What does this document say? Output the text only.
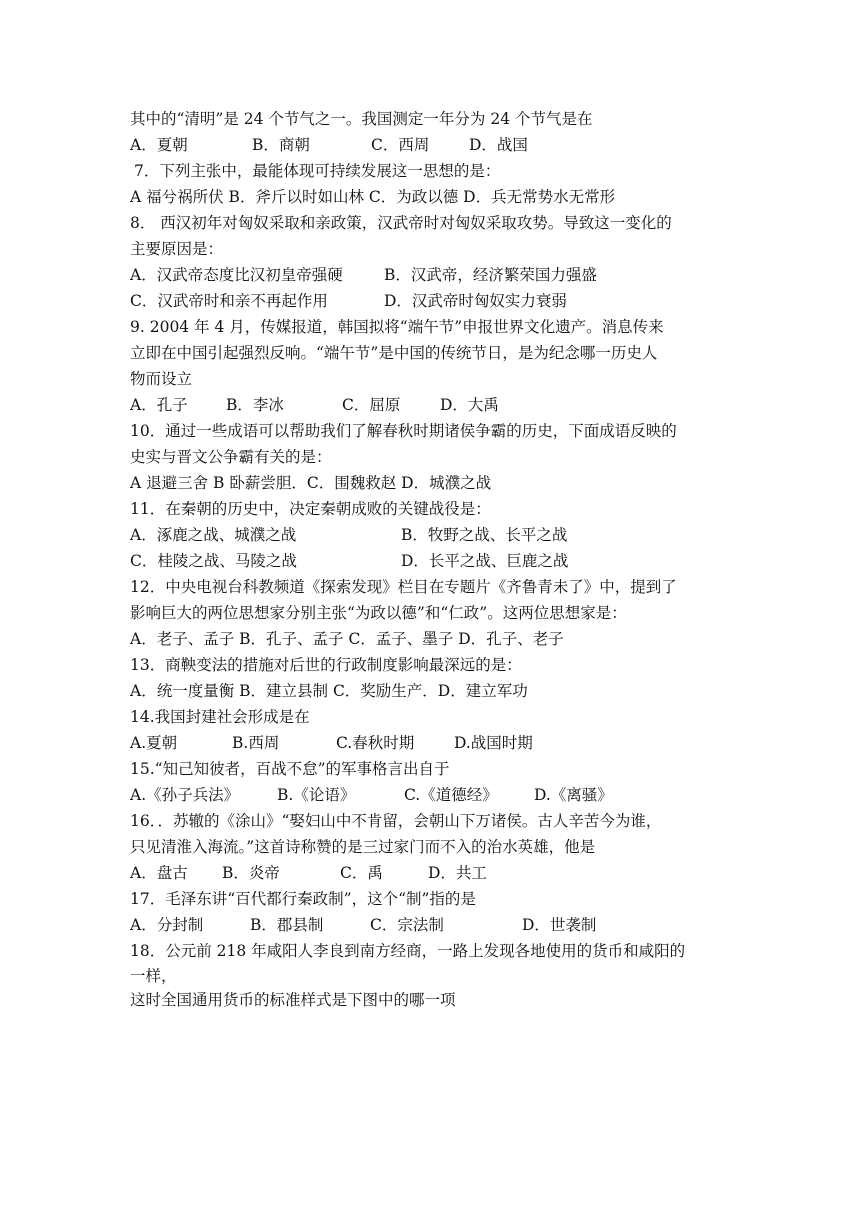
其中的“清明”是 24 个节气之一。我国测定一年分为 24 个节气是在
A．夏朝	B．商朝	C．西周	D．战国
7．下列主张中，最能体现可持续发展这一思想的是：
A 福兮祸所伏 B．斧斤以时如山林 C．为政以德 D．兵无常势水无常形
8． 西汉初年对匈奴采取和亲政策，汉武帝时对匈奴采取攻势。导致这一变化的
主要原因是：
A．汉武帝态度比汉初皇帝强硬	B．汉武帝，经济繁荣国力强盛
C．汉武帝时和亲不再起作用	D．汉武帝时匈奴实力衰弱
9. 2004 年 4 月，传媒报道，韩国拟将“端午节”申报世界文化遗产。消息传来
立即在中国引起强烈反响。“端午节”是中国的传统节日，是为纪念哪一历史人
物而设立
A．孔子	B．李冰	C．屈原	D．大禹
10．通过一些成语可以帮助我们了解春秋时期诸侯争霸的历史，下面成语反映的
史实与晋文公争霸有关的是：
A 退避三舍 B 卧薪尝胆．C．围魏救赵 D．城濮之战
11．在秦朝的历史中，决定秦朝成败的关键战役是：
A．涿鹿之战、城濮之战	B．牧野之战、长平之战
C．桂陵之战、马陵之战	D．长平之战、巨鹿之战
12．中央电视台科教频道《探索发现》栏目在专题片《齐鲁青未了》中，提到了
影响巨大的两位思想家分别主张“为政以德”和“仁政”。这两位思想家是：
A．老子、孟子 B．孔子、孟子 C．孟子、墨子 D．孔子、老子
13．商鞅变法的措施对后世的行政制度影响最深远的是：
A．统一度量衡 B．建立县制 C．奖励生产．D．建立军功
14.我国封建社会形成是在
A.夏朝	B.西周	C.春秋时期	D.战国时期
15.“知己知彼者，百战不怠”的军事格言出自于
A.《孙子兵法》	B.《论语》	C.《道德经》	D.《离骚》
16．．苏辙的《涂山》“娶妇山中不肯留，会朝山下万诸侯。古人辛苦今为谁，
只见清淮入海流。”这首诗称赞的是三过家门而不入的治水英雄，他是
A．盘古	B．炎帝	C．禹	D．共工
17．毛泽东讲“百代都行秦政制”，这个“制”指的是
A．分封制	B．郡县制	C．宗法制	D．世袭制
18．公元前 218 年咸阳人李良到南方经商，一路上发现各地使用的货币和咸阳的
一样，
这时全国通用货币的标准样式是下图中的哪一项
